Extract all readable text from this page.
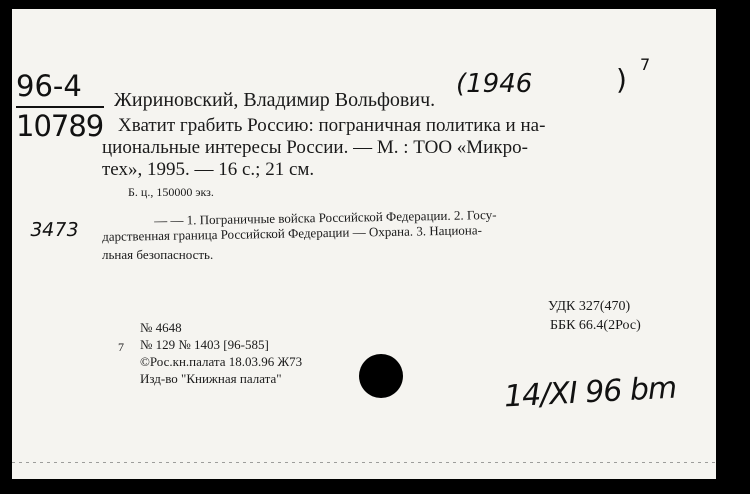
96-4
10789
Жириновский, Владимир Вольфович.
(1946	) 7
Хватит грабить Россию: пограничная политика и на-
циональные интересы России. — М. : ТОО «Микро-
тех», 1995. — 16 с.; 21 см.
Б. ц., 150000 экз.
3473
— — 1. Пограничные войска Российской Федерации. 2. Госу-
дарственная граница Российской Федерации — Охрана. 3. Национа-
льная безопасность.
УДК 327(470)
ББК 66.4(2Рос)
№ 4648
7 № 129 № 1403 [96-585]
©Рос.кн.палата 18.03.96 Ж73
Изд-во "Книжная палата"	14/XI 96 bm
